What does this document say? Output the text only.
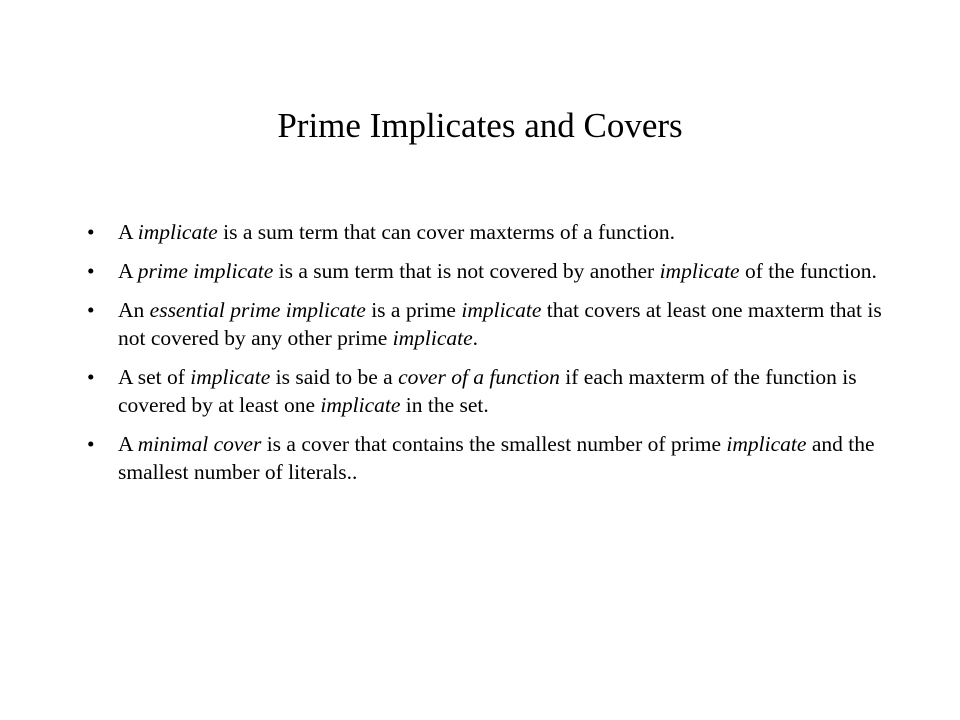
Prime Implicates and Covers
• A implicate is a sum term that can cover maxterms of a function.
• A prime implicate is a sum term that is not covered by another implicate of the function.
• An essential prime implicate is a prime implicate that covers at least one maxterm that is not covered by any other prime implicate.
• A set of implicate is said to be a cover of a function if each maxterm of the function is covered by at least one implicate in the set.
• A minimal cover is a cover that contains the smallest number of prime implicate and the smallest number of literals..
